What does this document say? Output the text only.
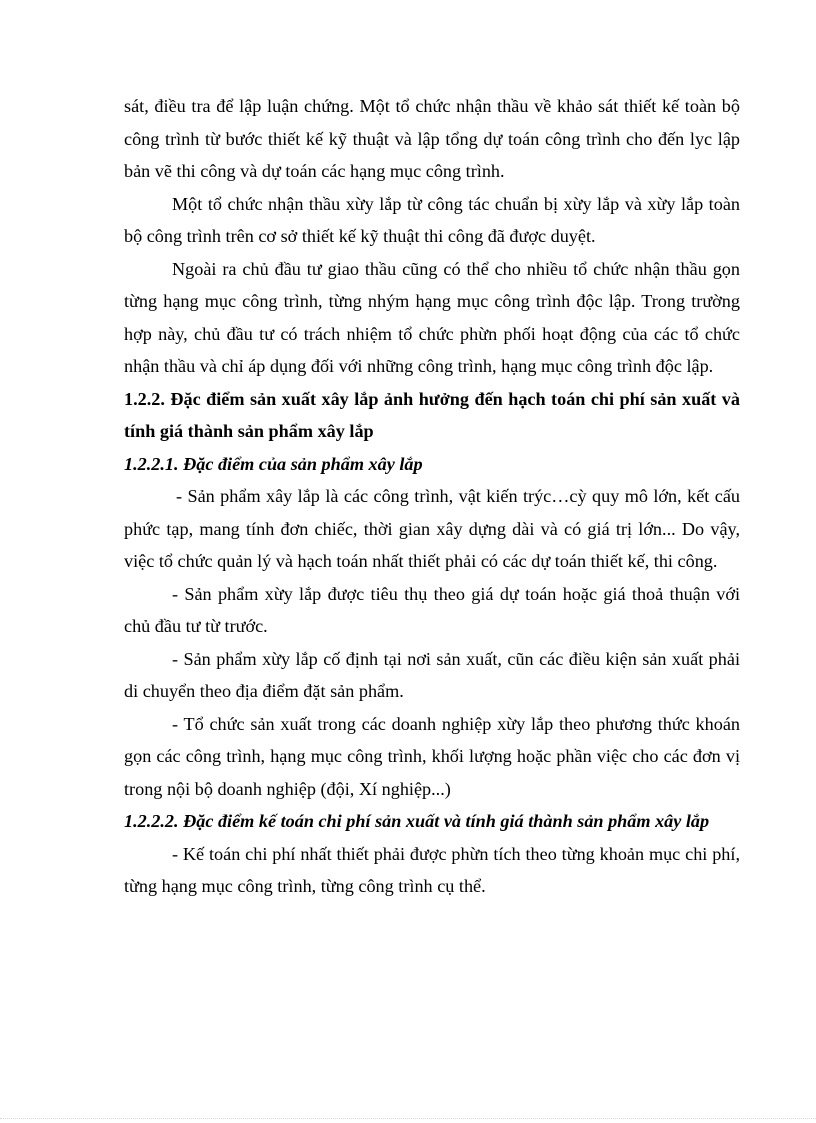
sát, điều tra để lập luận chứng. Một tổ chức nhận thầu về khảo sát thiết kế toàn bộ công trình từ bước thiết kế kỹ thuật và lập tổng dự toán công trình cho đến lyc lập bản vẽ thi công và dự toán các hạng mục công trình.

Một tổ chức nhận thầu xừy lắp từ công tác chuẩn bị xừy lắp và xừy lắp toàn bộ công trình trên cơ sở thiết kế kỹ thuật thi công đã được duyệt.

Ngoài ra chủ đầu tư giao thầu cũng có thể cho nhiều tổ chức nhận thầu gọn từng hạng mục công trình, từng nhým hạng mục công trình độc lập. Trong trường hợp này, chủ đầu tư có trách nhiệm tổ chức phừn phối hoạt động của các tổ chức nhận thầu và chỉ áp dụng đối với những công trình, hạng mục công trình độc lập.

1.2.2. Đặc điểm sản xuất xây lắp ảnh hưởng đến hạch toán chi phí sản xuất và tính giá thành sản phẩm xây lắp

1.2.2.1. Đặc điểm của sản phẩm xây lắp

- Sản phẩm xây lắp là các công trình, vật kiến trýc…cỳ quy mô lớn, kết cấu phức tạp, mang tính đơn chiếc, thời gian xây dựng dài và có giá trị lớn... Do vậy, việc tổ chức quản lý và hạch toán nhất thiết phải có các dự toán thiết kế, thi công.

- Sản phẩm xừy lắp được tiêu thụ theo giá dự toán hoặc giá thoả thuận với chủ đầu tư từ trước.

- Sản phẩm xừy lắp cố định tại nơi sản xuất, cũn các điều kiện sản xuất phải di chuyển theo địa điểm đặt sản phẩm.

- Tổ chức sản xuất trong các doanh nghiệp xừy lắp theo phương thức khoán gọn các công trình, hạng mục công trình, khối lượng hoặc phần việc cho các đơn vị trong nội bộ doanh nghiệp (đội, Xí nghiệp...)

1.2.2.2. Đặc điểm kế toán chi phí sản xuất và tính giá thành sản phẩm xây lắp

- Kế toán chi phí nhất thiết phải được phừn tích theo từng khoản mục chi phí, từng hạng mục công trình, từng công trình cụ thể.
